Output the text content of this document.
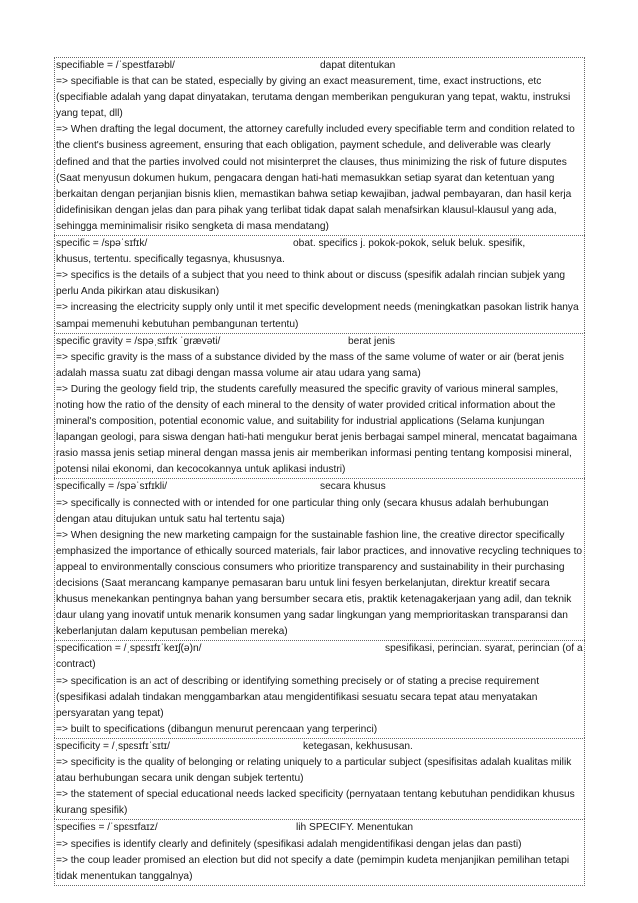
specifiable = /ˈspestfaɪəbl/	dapat ditentukan

=> specifiable is that can be stated, especially by giving an exact measurement, time, exact instructions, etc (specifiable adalah yang dapat dinyatakan, terutama dengan memberikan pengukuran yang tepat, waktu, instruksi yang tepat, dll)

=> When drafting the legal document, the attorney carefully included every specifiable term and condition related to the client's business agreement, ensuring that each obligation, payment schedule, and deliverable was clearly defined and that the parties involved could not misinterpret the clauses, thus minimizing the risk of future disputes (Saat menyusun dokumen hukum, pengacara dengan hati-hati memasukkan setiap syarat dan ketentuan yang berkaitan dengan perjanjian bisnis klien, memastikan bahwa setiap kewajiban, jadwal pembayaran, dan hasil kerja didefinisikan dengan jelas dan para pihak yang terlibat tidak dapat salah menafsirkan klausul-klausul yang ada, sehingga meminimalisir risiko sengketa di masa mendatang)

specific = /spəˈsɪfɪk/	obat. specifics j. pokok-pokok, seluk beluk. spesifik,

khusus, tertentu. specifically tegasnya, khususnya.

=> specifics is the details of a subject that you need to think about or discuss (spesifik adalah rincian subjek yang perlu Anda pikirkan atau diskusikan)

=> increasing the electricity supply only until it met specific development needs (meningkatkan pasokan listrik hanya sampai memenuhi kebutuhan pembangunan tertentu)

specific gravity = /spəˌsɪfɪk ˈɡrævəti/	berat jenis

=> specific gravity is the mass of a substance divided by the mass of the same volume of water or air (berat jenis adalah massa suatu zat dibagi dengan massa volume air atau udara yang sama)

=> During the geology field trip, the students carefully measured the specific gravity of various mineral samples, noting how the ratio of the density of each mineral to the density of water provided critical information about the mineral's composition, potential economic value, and suitability for industrial applications (Selama kunjungan lapangan geologi, para siswa dengan hati-hati mengukur berat jenis berbagai sampel mineral, mencatat bagaimana rasio massa jenis setiap mineral dengan massa jenis air memberikan informasi penting tentang komposisi mineral, potensi nilai ekonomi, dan kecocokannya untuk aplikasi industri)

specifically = /spəˈsɪfɪkli/	secara khusus

=> specifically is connected with or intended for one particular thing only (secara khusus adalah berhubungan dengan atau ditujukan untuk satu hal tertentu saja)

=> When designing the new marketing campaign for the sustainable fashion line, the creative director specifically emphasized the importance of ethically sourced materials, fair labor practices, and innovative recycling techniques to appeal to environmentally conscious consumers who prioritize transparency and sustainability in their purchasing decisions (Saat merancang kampanye pemasaran baru untuk lini fesyen berkelanjutan, direktur kreatif secara khusus menekankan pentingnya bahan yang bersumber secara etis, praktik ketenagakerjaan yang adil, dan teknik daur ulang yang inovatif untuk menarik konsumen yang sadar lingkungan yang memprioritaskan transparansi dan keberlanjutan dalam keputusan pembelian mereka)

specification = /ˌspɛsɪfɪˈkeɪʃ(ə)n/	spesifikasi, perincian. syarat, perincian (of a

contract)

=> specification is an act of describing or identifying something precisely or of stating a precise requirement (spesifikasi adalah tindakan menggambarkan atau mengidentifikasi sesuatu secara tepat atau menyatakan persyaratan yang tepat)

=> built to specifications (dibangun menurut perencaan yang terperinci)

specificity = /ˌspɛsɪfɪˈsɪtɪ/	ketegasan, kekhususan.

=> specificity is the quality of belonging or relating uniquely to a particular subject (spesifisitas adalah kualitas milik atau berhubungan secara unik dengan subjek tertentu)

=> the statement of special educational needs lacked specificity (pernyataan tentang kebutuhan pendidikan khusus kurang spesifik)

specifies = /ˈspɛsɪfaɪz/	lih SPECIFY. Menentukan

=> specifies is identify clearly and definitely (spesifikasi adalah mengidentifikasi dengan jelas dan pasti)

=> the coup leader promised an election but did not specify a date (pemimpin kudeta menjanjikan pemilihan tetapi tidak menentukan tanggalnya)
